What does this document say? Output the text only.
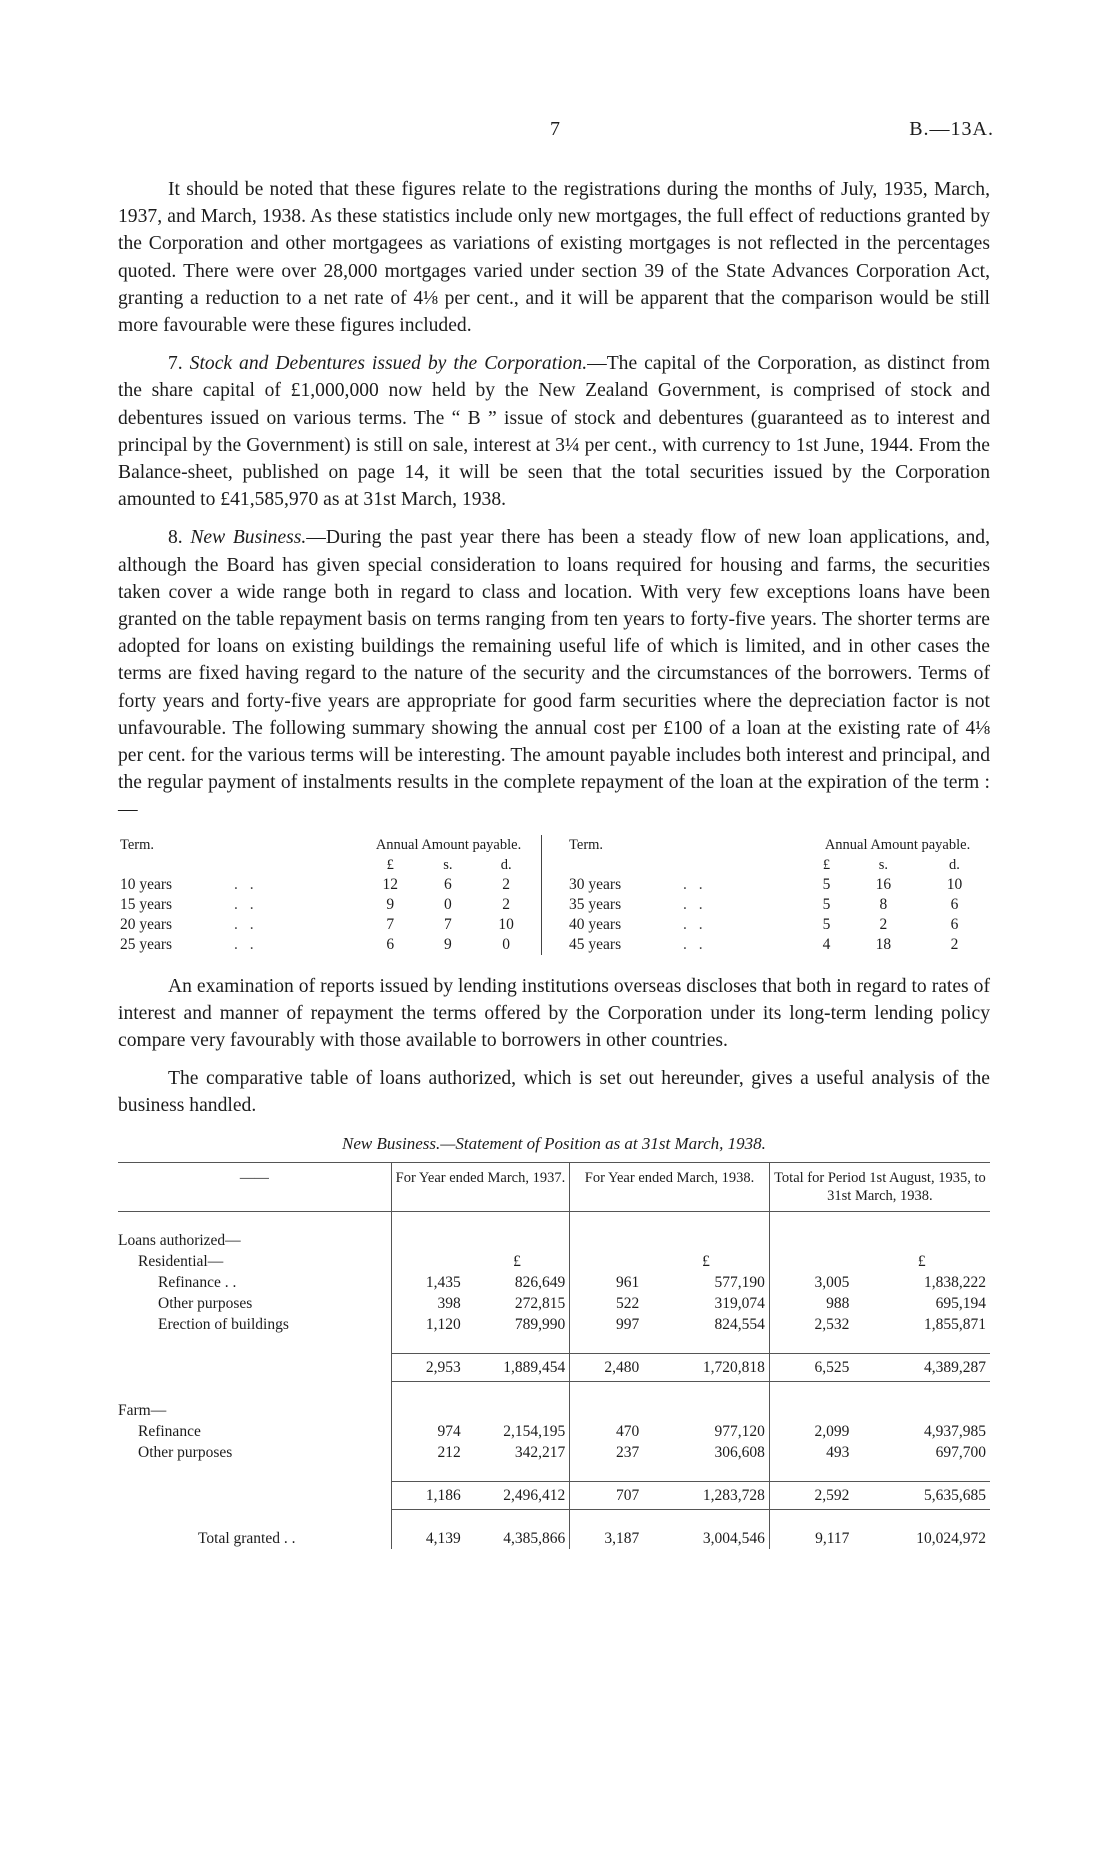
7	B.—13A.

It should be noted that these figures relate to the registrations during the months of July, 1935, March, 1937, and March, 1938. As these statistics include only new mortgages, the full effect of reductions granted by the Corporation and other mortgagees as variations of existing mortgages is not reflected in the percentages quoted. There were over 28,000 mortgages varied under section 39 of the State Advances Corporation Act, granting a reduction to a net rate of 4⅛ per cent., and it will be apparent that the comparison would be still more favourable were these figures included.

7. Stock and Debentures issued by the Corporation.—The capital of the Corporation, as distinct from the share capital of £1,000,000 now held by the New Zealand Government, is comprised of stock and debentures issued on various terms. The “ B ” issue of stock and debentures (guaranteed as to interest and principal by the Government) is still on sale, interest at 3¼ per cent., with currency to 1st June, 1944. From the Balance-sheet, published on page 14, it will be seen that the total securities issued by the Corporation amounted to £41,585,970 as at 31st March, 1938.

8. New Business.—During the past year there has been a steady flow of new loan applications, and, although the Board has given special consideration to loans required for housing and farms, the securities taken cover a wide range both in regard to class and location. With very few exceptions loans have been granted on the table repayment basis on terms ranging from ten years to forty-five years. The shorter terms are adopted for loans on existing buildings the remaining useful life of which is limited, and in other cases the terms are fixed having regard to the nature of the security and the circumstances of the borrowers. Terms of forty years and forty-five years are appropriate for good farm securities where the depreciation factor is not unfavourable. The following summary showing the annual cost per £100 of a loan at the existing rate of 4⅛ per cent. for the various terms will be interesting. The amount payable includes both interest and principal, and the regular payment of instalments results in the complete repayment of the loan at the expiration of the term :—

Term.		Annual Amount payable.				Term.		Annual Amount payable.		
		£	s.	d.				£	s.	d.
10 years	. .	12	6	2		30 years	. .	5	16	10
15 years	. .	9	0	2		35 years	. .	5	8	6
20 years	. .	7	7	10		40 years	. .	5	2	6
25 years	. .	6	9	0		45 years	. .	4	18	2

An examination of reports issued by lending institutions overseas discloses that both in regard to rates of interest and manner of repayment the terms offered by the Corporation under its long-term lending policy compare very favourably with those available to borrowers in other countries.

The comparative table of loans authorized, which is set out hereunder, gives a useful analysis of the business handled.

New Business.—Statement of Position as at 31st March, 1938.
——	For Year ended March, 1937.		For Year ended March, 1938.		Total for Period 1st August, 1935, to 31st March, 1938.	

Loans authorized—						
Residential—		£		£		£
Refinance . .	1,435	826,649	961	577,190	3,005	1,838,222
Other purposes	398	272,815	522	319,074	988	695,194
Erection of buildings	1,120	789,990	997	824,554	2,532	1,855,871

	2,953	1,889,454	2,480	1,720,818	6,525	4,389,287

Farm—						
Refinance	974	2,154,195	470	977,120	2,099	4,937,985
Other purposes	212	342,217	237	306,608	493	697,700

	1,186	2,496,412	707	1,283,728	2,592	5,635,685

Total granted . .	4,139	4,385,866	3,187	3,004,546	9,117	10,024,972
